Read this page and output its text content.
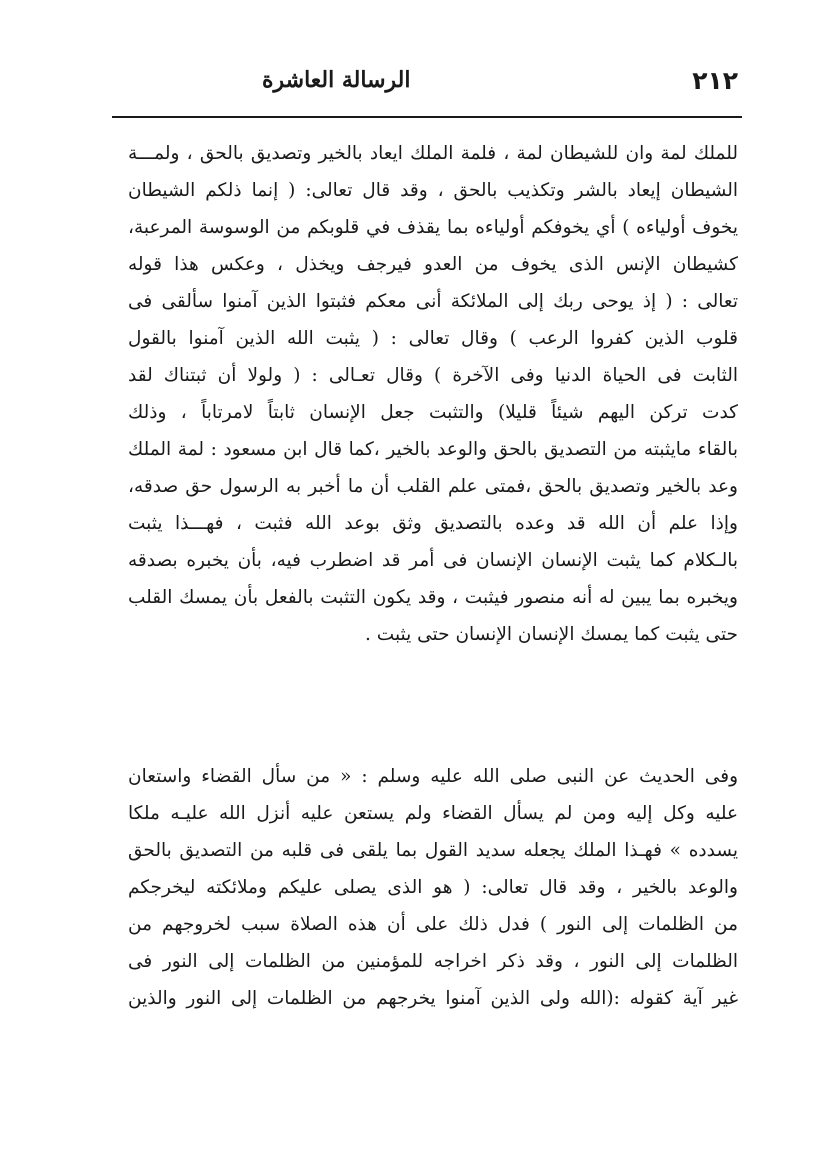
٢١٢
الرسالة العاشرة
للملك لمة وان للشيطان لمة ، فلمة الملك ايعاد بالخير وتصديق بالحق ، ولمـــة
الشيطان إيعاد بالشر وتكذيب بالحق ، وقد قال تعالى: ( إنما ذلكم الشيطان
يخوف أولياءه ) أي يخوفكم أولياءه بما يقذف في قلوبكم من الوسوسة المرعبة،
كشيطان الإنس الذى يخوف من العدو فيرجف ويخذل ، وعكس هذا قوله
تعالى : ( إذ يوحى ربك إلى الملائكة أنى معكم فثبتوا الذين آمنوا سألقى فى
قلوب الذين كفروا الرعب ) وقال تعالى : ( يثبت الله الذين آمنوا بالقول
الثابت فى الحياة الدنيا وفى الآخرة ) وقال تعـالى : ( ولولا أن ثبتناك لقد
كدت تركن اليهم شيئاً قليلا) والتثبت جعل الإنسان ثابتاً لامرتاباً ، وذلك
بالقاء مايثبته من التصديق بالحق والوعد بالخير ،كما قال ابن مسعود : لمة الملك
وعد بالخير وتصديق بالحق ،فمتى علم القلب أن ما أخبر به الرسول حق صدقه،
وإذا علم أن الله قد وعده بالتصديق وثق بوعد الله فثبت ، فهـــذا يثبت
بالـكلام كما يثبت الإنسان الإنسان فى أمر قد اضطرب فيه، بأن يخبره بصدقه
ويخبره بما يبين له أنه منصور فيثبت ، وقد يكون التثبت بالفعل بأن يمسك القلب
حتى يثبت كما يمسك الإنسان الإنسان حتى يثبت .
وفى الحديث عن النبى صلى الله عليه وسلم : « من سأل القضاء واستعان
عليه وكل إليه ومن لم يسأل القضاء ولم يستعن عليه أنزل الله عليـه ملكا
يسدده » فهـذا الملك يجعله سديد القول بما يلقى فى قلبه من التصديق بالحق
والوعد بالخير ، وقد قال تعالى: ( هو الذى يصلى عليكم وملائكته ليخرجكم
من الظلمات إلى النور ) فدل ذلك على أن هذه الصلاة سبب لخروجهم من
الظلمات إلى النور ، وقد ذكر اخراجه للمؤمنين من الظلمات إلى النور فى
غير آية كقوله :(الله ولى الذين آمنوا يخرجهم من الظلمات إلى النور والذين
